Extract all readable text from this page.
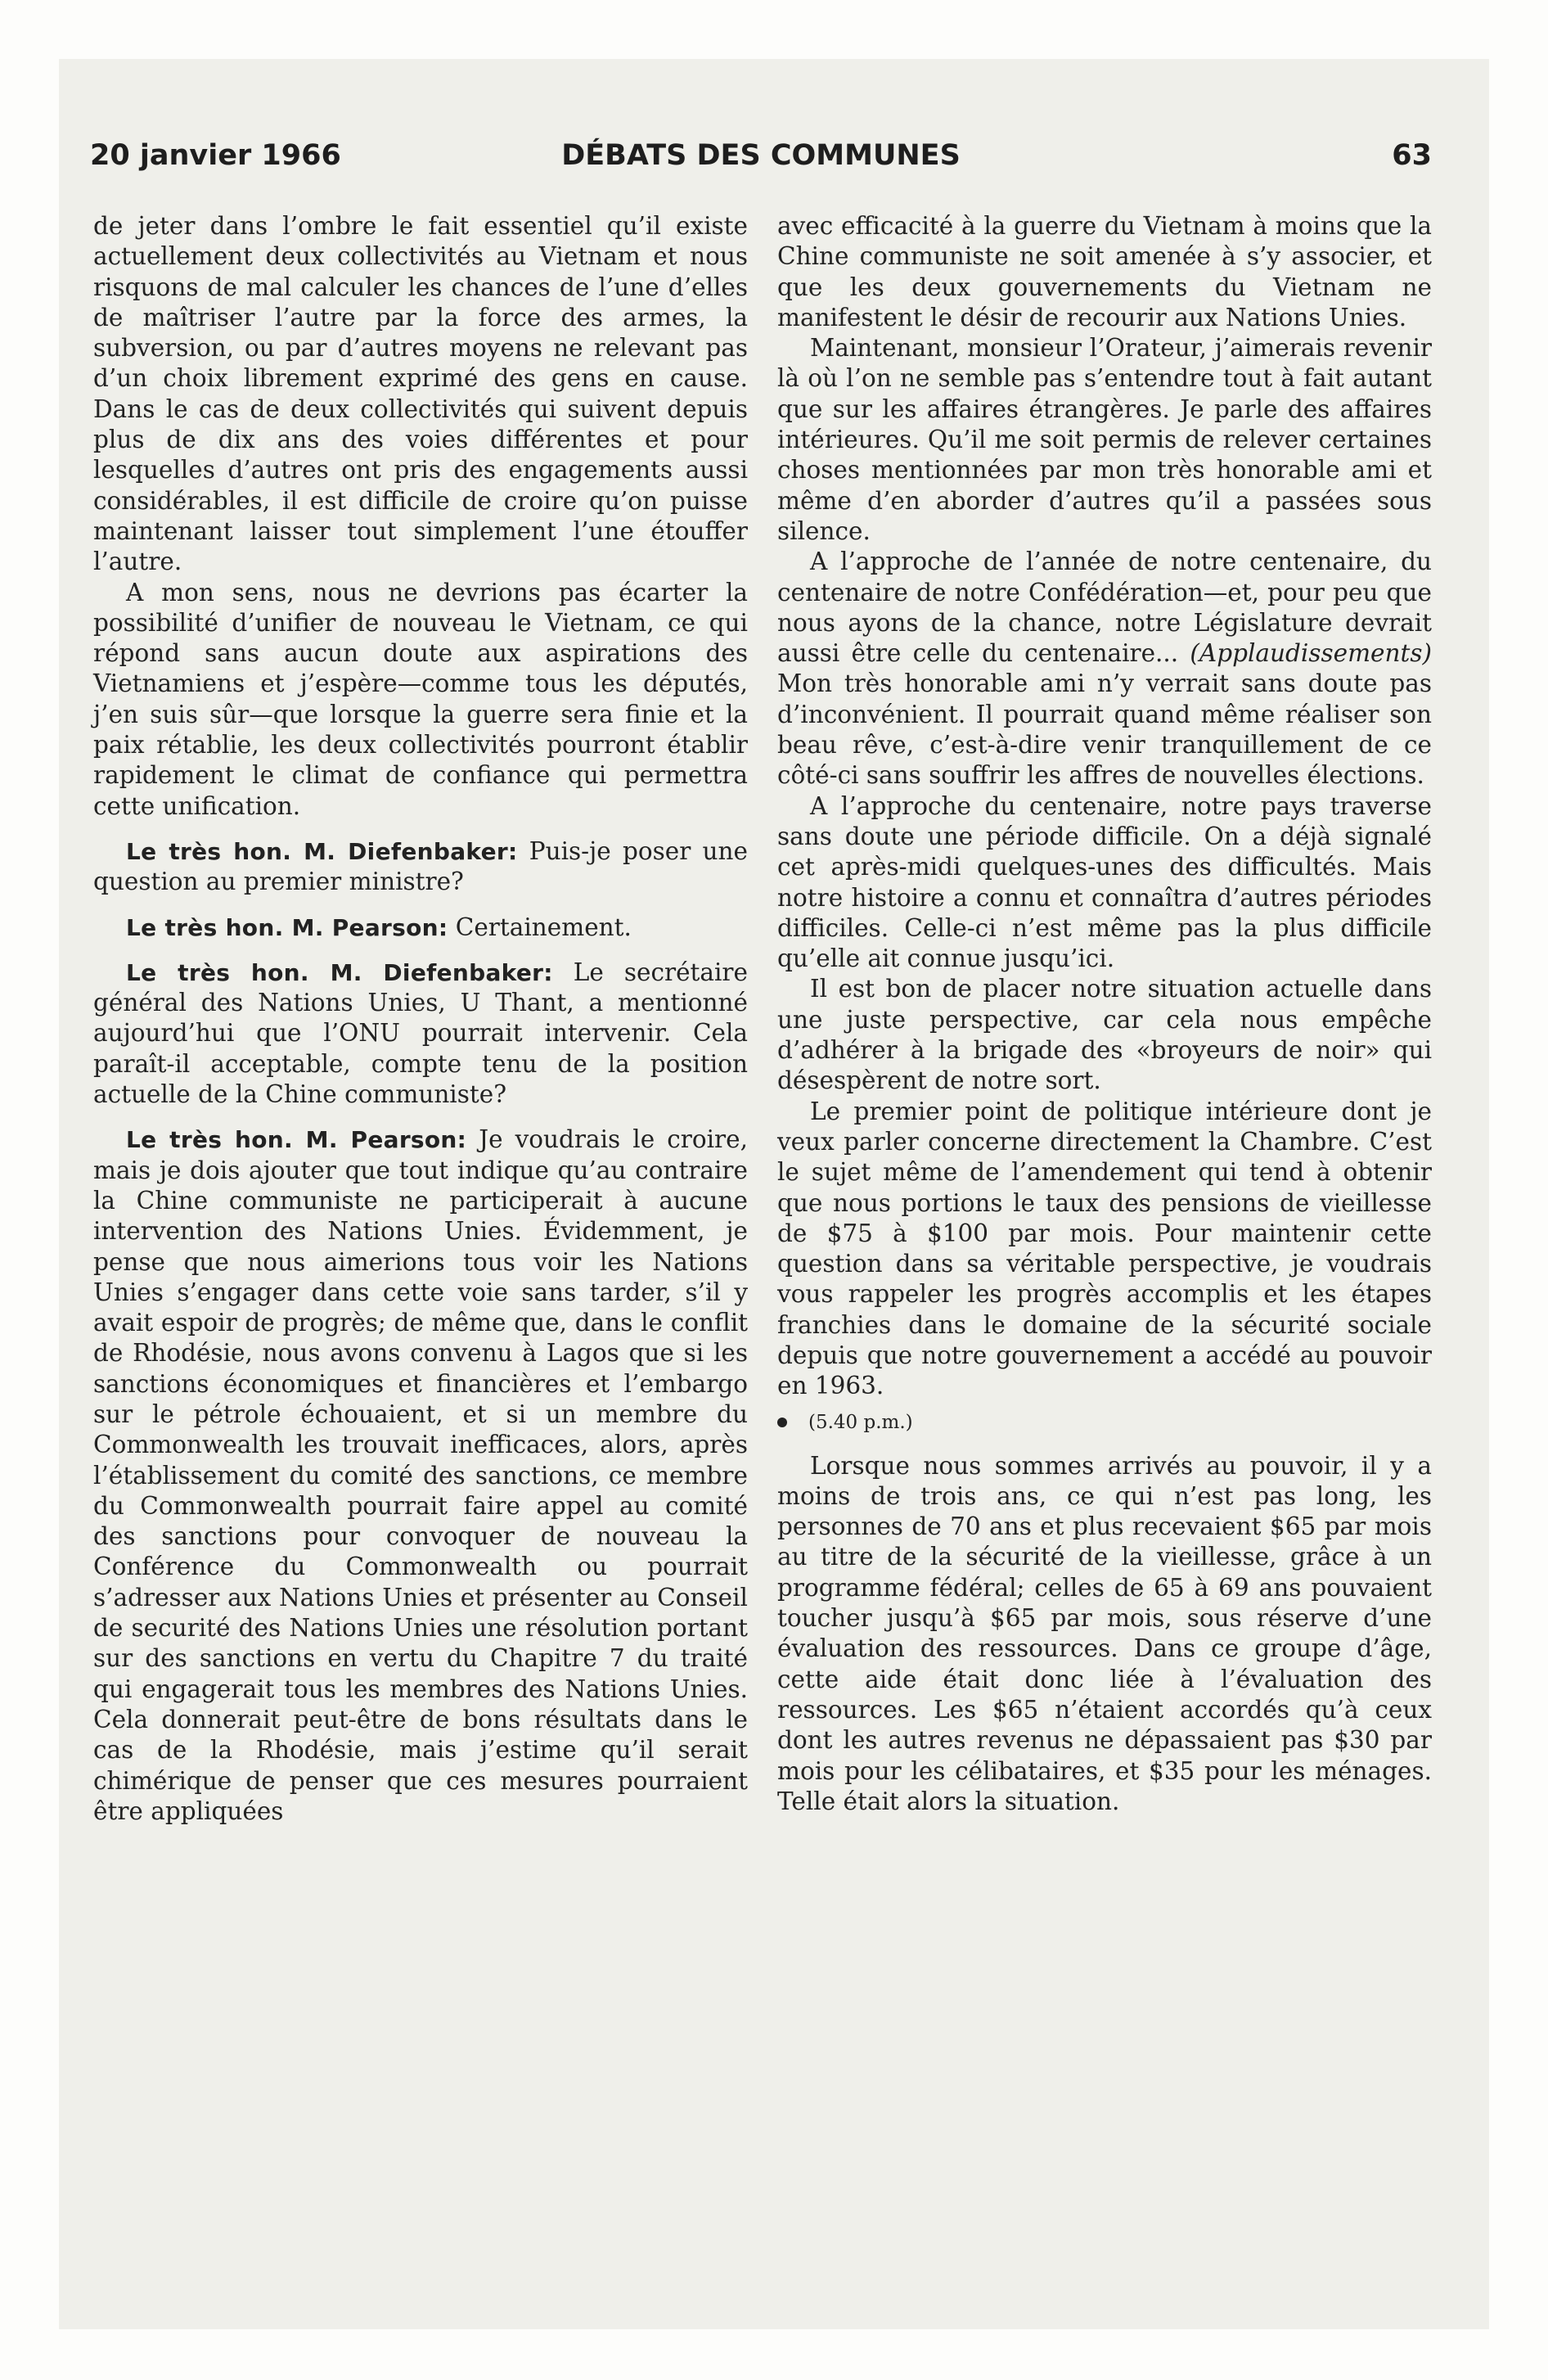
20 janvier 1966	DÉBATS DES COMMUNES	63

de jeter dans l’ombre le fait essentiel qu’il existe actuellement deux collectivités au Vietnam et nous risquons de mal calculer les chances de l’une d’elles de maîtriser l’autre par la force des armes, la subversion, ou par d’autres moyens ne relevant pas d’un choix librement exprimé des gens en cause. Dans le cas de deux collectivités qui suivent depuis plus de dix ans des voies différentes et pour lesquelles d’autres ont pris des engagements aussi considérables, il est difficile de croire qu’on puisse maintenant laisser tout simplement l’une étouffer l’autre.

A mon sens, nous ne devrions pas écarter la possibilité d’unifier de nouveau le Vietnam, ce qui répond sans aucun doute aux aspirations des Vietnamiens et j’espère—comme tous les députés, j’en suis sûr—que lorsque la guerre sera finie et la paix rétablie, les deux collectivités pourront établir rapidement le climat de confiance qui permettra cette unification.

Le très hon. M. Diefenbaker: Puis-je poser une question au premier ministre?

Le très hon. M. Pearson: Certainement.

Le très hon. M. Diefenbaker: Le secrétaire général des Nations Unies, U Thant, a mentionné aujourd’hui que l’ONU pourrait intervenir. Cela paraît-il acceptable, compte tenu de la position actuelle de la Chine communiste?

Le très hon. M. Pearson: Je voudrais le croire, mais je dois ajouter que tout indique qu’au contraire la Chine communiste ne participerait à aucune intervention des Nations Unies. Évidemment, je pense que nous aimerions tous voir les Nations Unies s’engager dans cette voie sans tarder, s’il y avait espoir de progrès; de même que, dans le conflit de Rhodésie, nous avons convenu à Lagos que si les sanctions économiques et financières et l’embargo sur le pétrole échouaient, et si un membre du Commonwealth les trouvait inefficaces, alors, après l’établissement du comité des sanctions, ce membre du Commonwealth pourrait faire appel au comité des sanctions pour convoquer de nouveau la Conférence du Commonwealth ou pourrait s’adresser aux Nations Unies et présenter au Conseil de securité des Nations Unies une résolution portant sur des sanctions en vertu du Chapitre 7 du traité qui engagerait tous les membres des Nations Unies. Cela donnerait peut-être de bons résultats dans le cas de la Rhodésie, mais j’estime qu’il serait chimérique de penser que ces mesures pourraient être appliquées

avec efficacité à la guerre du Vietnam à moins que la Chine communiste ne soit amenée à s’y associer, et que les deux gouvernements du Vietnam ne manifestent le désir de recourir aux Nations Unies.

Maintenant, monsieur l’Orateur, j’aimerais revenir là où l’on ne semble pas s’entendre tout à fait autant que sur les affaires étrangères. Je parle des affaires intérieures. Qu’il me soit permis de relever certaines choses mentionnées par mon très honorable ami et même d’en aborder d’autres qu’il a passées sous silence.

A l’approche de l’année de notre centenaire, du centenaire de notre Confédération—et, pour peu que nous ayons de la chance, notre Législature devrait aussi être celle du centenaire... (Applaudissements) Mon très honorable ami n’y verrait sans doute pas d’inconvénient. Il pourrait quand même réaliser son beau rêve, c’est-à-dire venir tranquillement de ce côté-ci sans souffrir les affres de nouvelles élections.

A l’approche du centenaire, notre pays traverse sans doute une période difficile. On a déjà signalé cet après-midi quelques-unes des difficultés. Mais notre histoire a connu et connaîtra d’autres périodes difficiles. Celle-ci n’est même pas la plus difficile qu’elle ait connue jusqu’ici.

Il est bon de placer notre situation actuelle dans une juste perspective, car cela nous empêche d’adhérer à la brigade des «broyeurs de noir» qui désespèrent de notre sort.

Le premier point de politique intérieure dont je veux parler concerne directement la Chambre. C’est le sujet même de l’amendement qui tend à obtenir que nous portions le taux des pensions de vieillesse de $75 à $100 par mois. Pour maintenir cette question dans sa véritable perspective, je voudrais vous rappeler les progrès accomplis et les étapes franchies dans le domaine de la sécurité sociale depuis que notre gouvernement a accédé au pouvoir en 1963.

(5.40 p.m.)

Lorsque nous sommes arrivés au pouvoir, il y a moins de trois ans, ce qui n’est pas long, les personnes de 70 ans et plus recevaient $65 par mois au titre de la sécurité de la vieillesse, grâce à un programme fédéral; celles de 65 à 69 ans pouvaient toucher jusqu’à $65 par mois, sous réserve d’une évaluation des ressources. Dans ce groupe d’âge, cette aide était donc liée à l’évaluation des ressources. Les $65 n’étaient accordés qu’à ceux dont les autres revenus ne dépassaient pas $30 par mois pour les célibataires, et $35 pour les ménages. Telle était alors la situation.
